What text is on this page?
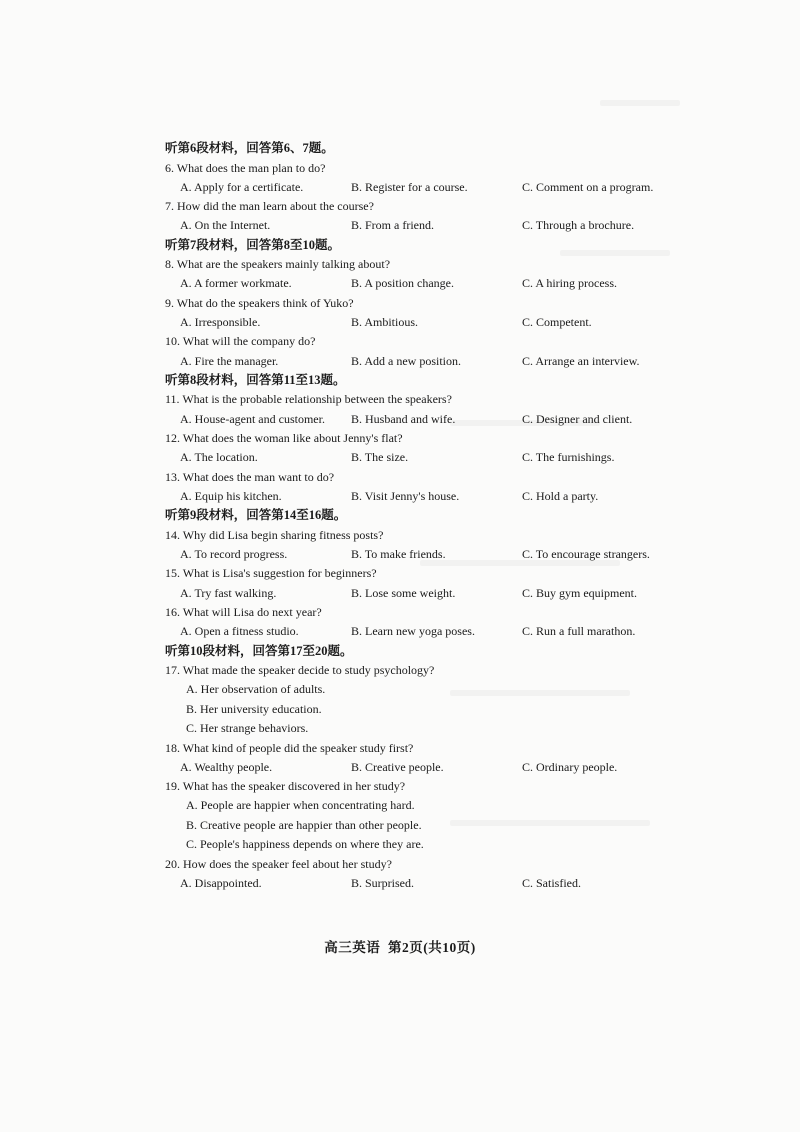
听第6段材料，回答第6、7题。
6. What does the man plan to do?
A. Apply for a certificate.	B. Register for a course.	C. Comment on a program.
7. How did the man learn about the course?
A. On the Internet.	B. From a friend.	C. Through a brochure.
听第7段材料，回答第8至10题。
8. What are the speakers mainly talking about?
A. A former workmate.	B. A position change.	C. A hiring process.
9. What do the speakers think of Yuko?
A. Irresponsible.	B. Ambitious.	C. Competent.
10. What will the company do?
A. Fire the manager.	B. Add a new position.	C. Arrange an interview.
听第8段材料，回答第11至13题。
11. What is the probable relationship between the speakers?
A. House-agent and customer. B. Husband and wife.	C. Designer and client.
12. What does the woman like about Jenny's flat?
A. The location.	B. The size.	C. The furnishings.
13. What does the man want to do?
A. Equip his kitchen.	B. Visit Jenny's house.	C. Hold a party.
听第9段材料，回答第14至16题。
14. Why did Lisa begin sharing fitness posts?
A. To record progress.	B. To make friends.	C. To encourage strangers.
15. What is Lisa's suggestion for beginners?
A. Try fast walking.	B. Lose some weight.	C. Buy gym equipment.
16. What will Lisa do next year?
A. Open a fitness studio.	B. Learn new yoga poses.	C. Run a full marathon.
听第10段材料，回答第17至20题。
17. What made the speaker decide to study psychology?
A. Her observation of adults.
B. Her university education.
C. Her strange behaviors.
18. What kind of people did the speaker study first?
A. Wealthy people.	B. Creative people.	C. Ordinary people.
19. What has the speaker discovered in her study?
A. People are happier when concentrating hard.
B. Creative people are happier than other people.
C. People's happiness depends on where they are.
20. How does the speaker feel about her study?
A. Disappointed.	B. Surprised.	C. Satisfied.
高三英语 第2页(共10页)
